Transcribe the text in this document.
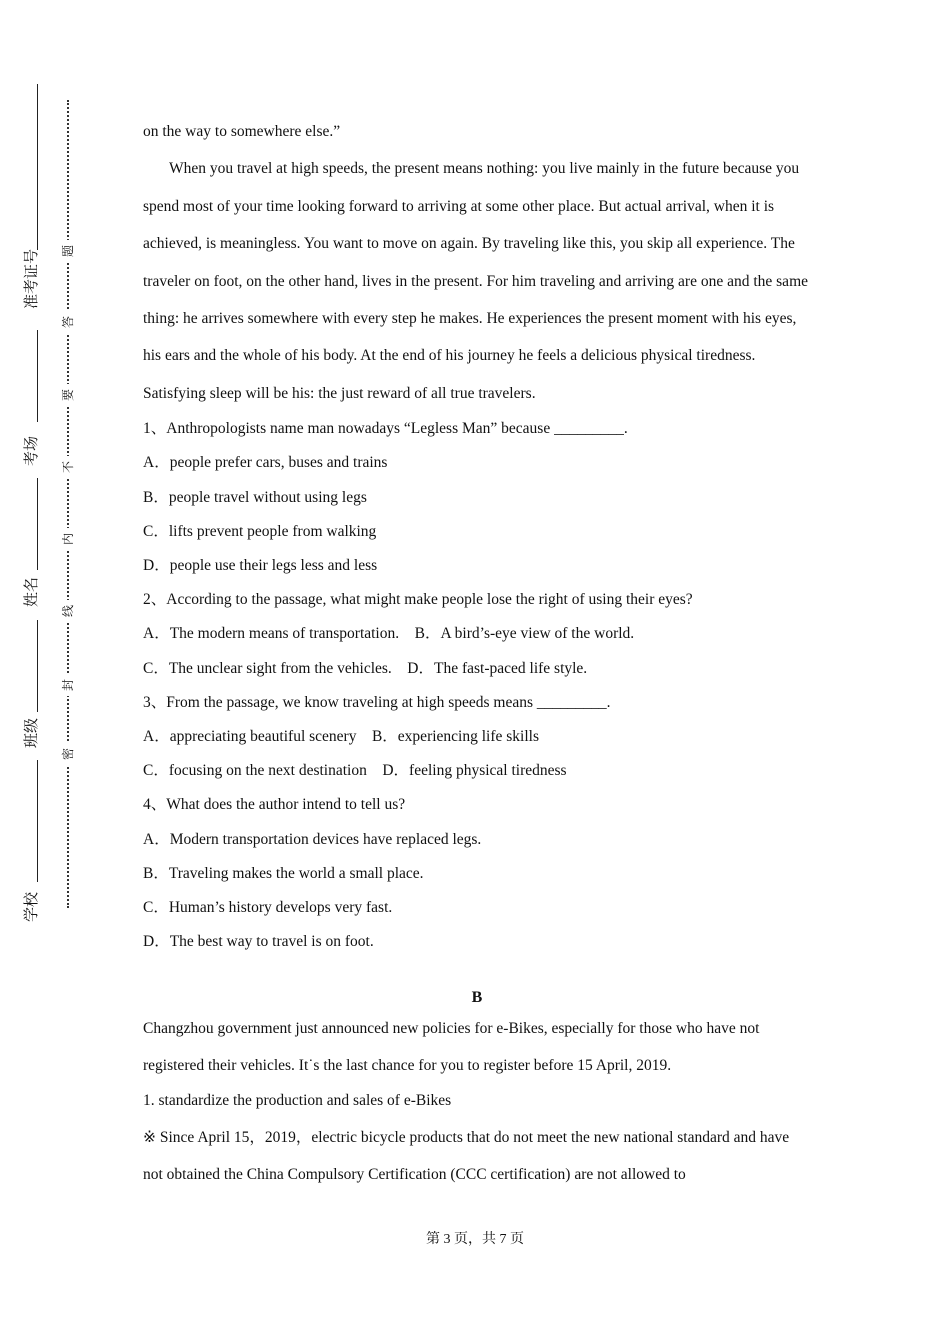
准考证号
考场
姓名
班级
学校
题
答
要
不
内
线
封
密

on the way to somewhere else.”

When you travel at high speeds, the present means nothing: you live mainly in the future because you spend most of your time looking forward to arriving at some other place. But actual arrival, when it is achieved, is meaningless. You want to move on again. By traveling like this, you skip all experience. The traveler on foot, on the other hand, lives in the present. For him traveling and arriving are one and the same thing: he arrives somewhere with every step he makes. He experiences the present moment with his eyes, his ears and the whole of his body. At the end of his journey he feels a delicious physical tiredness. Satisfying sleep will be his: the just reward of all true travelers.

1、Anthropologists name man nowadays “Legless Man” because _________.

A．people prefer cars, buses and trains

B．people travel without using legs

C．lifts prevent people from walking

D．people use their legs less and less

2、According to the passage, what might make people lose the right of using their eyes?

A．The modern means of transportation.　B．A bird’s-eye view of the world.

C．The unclear sight from the vehicles.　D．The fast-paced life style.

3、From the passage, we know traveling at high speeds means _________.

A．appreciating beautiful scenery　B．experiencing life skills

C．focusing on the next destination　D．feeling physical tiredness

4、What does the author intend to tell us?

A．Modern transportation devices have replaced legs.

B．Traveling makes the world a small place.

C．Human’s history develops very fast.

D．The best way to travel is on foot.

B

Changzhou government just announced new policies for e-Bikes, especially for those who have not registered their vehicles. It˙s the last chance for you to register before 15 April, 2019.

1. standardize the production and sales of e-Bikes

※ Since April 15，2019，electric bicycle products that do not meet the new national standard and have not obtained the China Compulsory Certification (CCC certification) are not allowed to

第 3 页，共 7 页
